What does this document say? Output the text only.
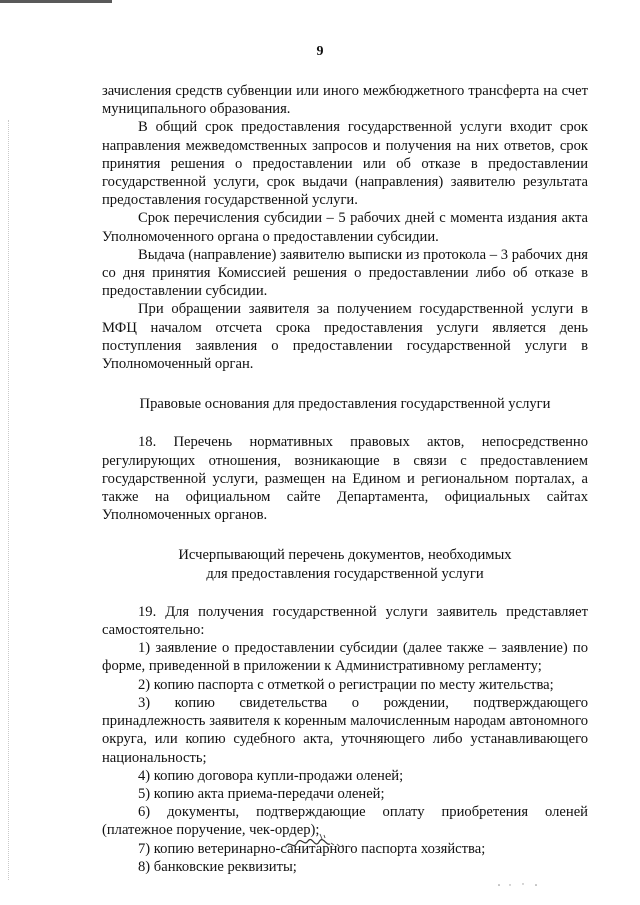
9

зачисления средств субвенции или иного межбюджетного трансферта на счет муниципального образования.

В общий срок предоставления государственной услуги входит срок направления межведомственных запросов и получения на них ответов, срок принятия решения о предоставлении или об отказе в предоставлении государственной услуги, срок выдачи (направления) заявителю результата предоставления государственной услуги.

Срок перечисления субсидии – 5 рабочих дней с момента издания акта Уполномоченного органа о предоставлении субсидии.

Выдача (направление) заявителю выписки из протокола – 3 рабочих дня со дня принятия Комиссией решения о предоставлении либо об отказе в предоставлении субсидии.

При обращении заявителя за получением государственной услуги в МФЦ началом отсчета срока предоставления услуги является день поступления заявления о предоставлении государственной услуги в Уполномоченный орган.

Правовые основания для предоставления государственной услуги

18. Перечень нормативных правовых актов, непосредственно регулирующих отношения, возникающие в связи с предоставлением государственной услуги, размещен на Едином и региональном порталах, а также на официальном сайте Департамента, официальных сайтах Уполномоченных органов.

Исчерпывающий перечень документов, необходимых

для предоставления государственной услуги

19. Для получения государственной услуги заявитель представляет самостоятельно:

1) заявление о предоставлении субсидии (далее также – заявление) по форме, приведенной в приложении к Административному регламенту;

2) копию паспорта с отметкой о регистрации по месту жительства;

3) копию свидетельства о рождении, подтверждающего принадлежность заявителя к коренным малочисленным народам автономного округа, или копию судебного акта, уточняющего либо устанавливающего национальность;

4) копию договора купли-продажи оленей;

5) копию акта приема-передачи оленей;

6) документы, подтверждающие оплату приобретения оленей (платежное поручение, чек-ордер);

7) копию ветеринарно-санитарного паспорта хозяйства;

8) банковские реквизиты;
